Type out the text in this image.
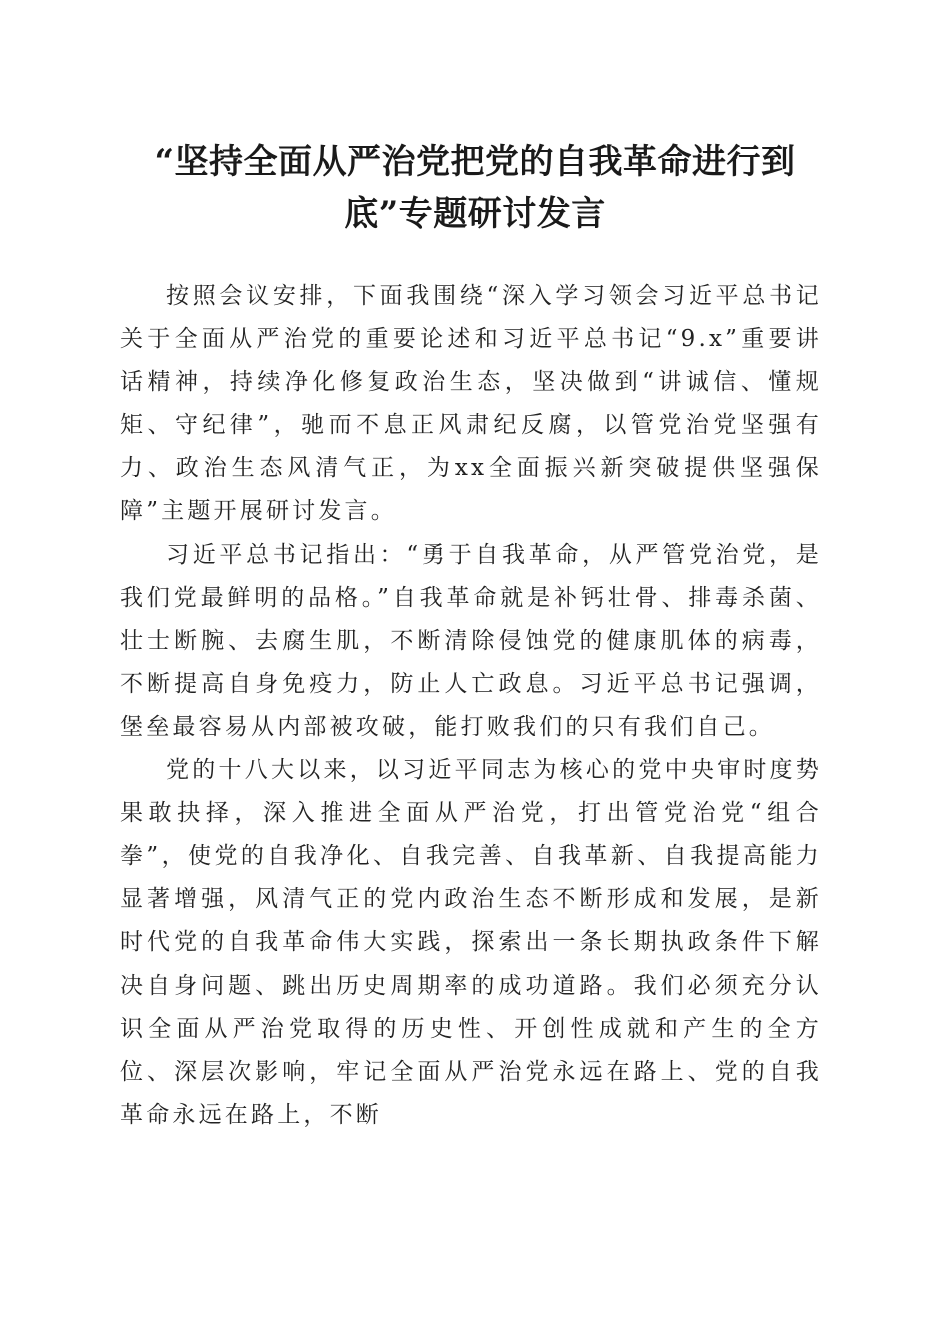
“坚持全面从严治党把党的自我革命进行到底”专题研讨发言

按照会议安排，下面我围绕“深入学习领会习近平总书记关于全面从严治党的重要论述和习近平总书记“9.x”重要讲话精神，持续净化修复政治生态，坚决做到“讲诚信、懂规矩、守纪律”，驰而不息正风肃纪反腐，以管党治党坚强有力、政治生态风清气正，为xx全面振兴新突破提供坚强保障”主题开展研讨发言。

习近平总书记指出：“勇于自我革命，从严管党治党，是我们党最鲜明的品格。”自我革命就是补钙壮骨、排毒杀菌、壮士断腕、去腐生肌，不断清除侵蚀党的健康肌体的病毒，不断提高自身免疫力，防止人亡政息。习近平总书记强调，堡垒最容易从内部被攻破，能打败我们的只有我们自己。

党的十八大以来，以习近平同志为核心的党中央审时度势果敢抉择，深入推进全面从严治党，打出管党治党“组合拳”，使党的自我净化、自我完善、自我革新、自我提高能力显著增强，风清气正的党内政治生态不断形成和发展，是新时代党的自我革命伟大实践，探索出一条长期执政条件下解决自身问题、跳出历史周期率的成功道路。我们必须充分认识全面从严治党取得的历史性、开创性成就和产生的全方位、深层次影响，牢记全面从严治党永远在路上、党的自我革命永远在路上，不断
